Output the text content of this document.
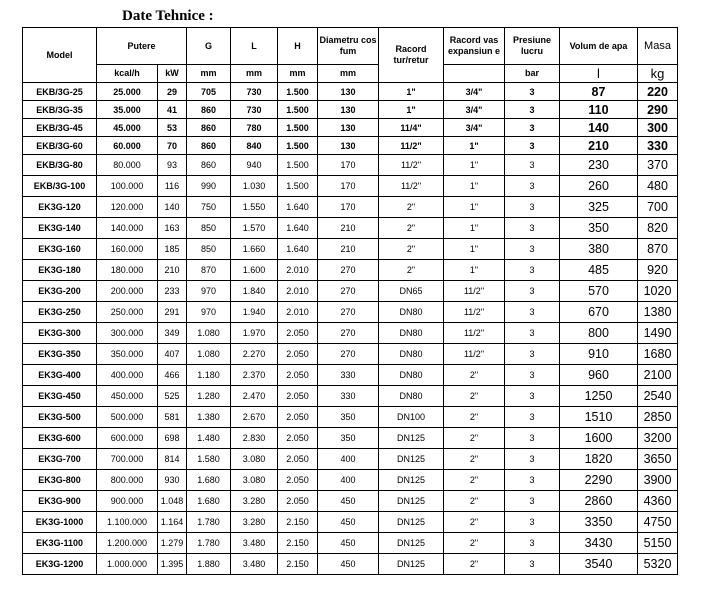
Date Tehnice :
Model	Putere		G	L	H	Diametru cos fum	Racord tur/retur	Racord vas expansiun e	Presiune lucru	Volum de apa	Masa
	kcal/h	kW	mm	mm	mm	mm			bar	l	kg
EKB/3G-25	25.000	29	705	730	1.500	130	1"	3/4"	3	87	220
EKB/3G-35	35.000	41	860	730	1.500	130	1"	3/4"	3	110	290
EKB/3G-45	45.000	53	860	780	1.500	130	11/4"	3/4"	3	140	300
EKB/3G-60	60.000	70	860	840	1.500	130	11/2"	1"	3	210	330
EKB/3G-80	80.000	93	860	940	1.500	170	11/2"	1"	3	230	370
EKB/3G-100	100.000	116	990	1.030	1.500	170	11/2"	1"	3	260	480
EK3G-120	120.000	140	750	1.550	1.640	170	2"	1"	3	325	700
EK3G-140	140.000	163	850	1.570	1.640	210	2"	1"	3	350	820
EK3G-160	160.000	185	850	1.660	1.640	210	2"	1"	3	380	870
EK3G-180	180.000	210	870	1.600	2.010	270	2"	1"	3	485	920
EK3G-200	200.000	233	970	1.840	2.010	270	DN65	11/2"	3	570	1020
EK3G-250	250.000	291	970	1.940	2.010	270	DN80	11/2"	3	670	1380
EK3G-300	300.000	349	1.080	1.970	2.050	270	DN80	11/2"	3	800	1490
EK3G-350	350.000	407	1.080	2.270	2.050	270	DN80	11/2"	3	910	1680
EK3G-400	400.000	466	1.180	2.370	2.050	330	DN80	2"	3	960	2100
EK3G-450	450.000	525	1.280	2.470	2.050	330	DN80	2"	3	1250	2540
EK3G-500	500.000	581	1.380	2.670	2.050	350	DN100	2"	3	1510	2850
EK3G-600	600.000	698	1.480	2.830	2.050	350	DN125	2"	3	1600	3200
EK3G-700	700.000	814	1.580	3.080	2.050	400	DN125	2"	3	1820	3650
EK3G-800	800.000	930	1.680	3.080	2.050	400	DN125	2"	3	2290	3900
EK3G-900	900.000	1.048	1.680	3.280	2.050	450	DN125	2"	3	2860	4360
EK3G-1000	1.100.000	1.164	1.780	3.280	2.150	450	DN125	2"	3	3350	4750
EK3G-1100	1.200.000	1.279	1.780	3.480	2.150	450	DN125	2"	3	3430	5150
EK3G-1200	1.000.000	1.395	1.880	3.480	2.150	450	DN125	2"	3	3540	5320
